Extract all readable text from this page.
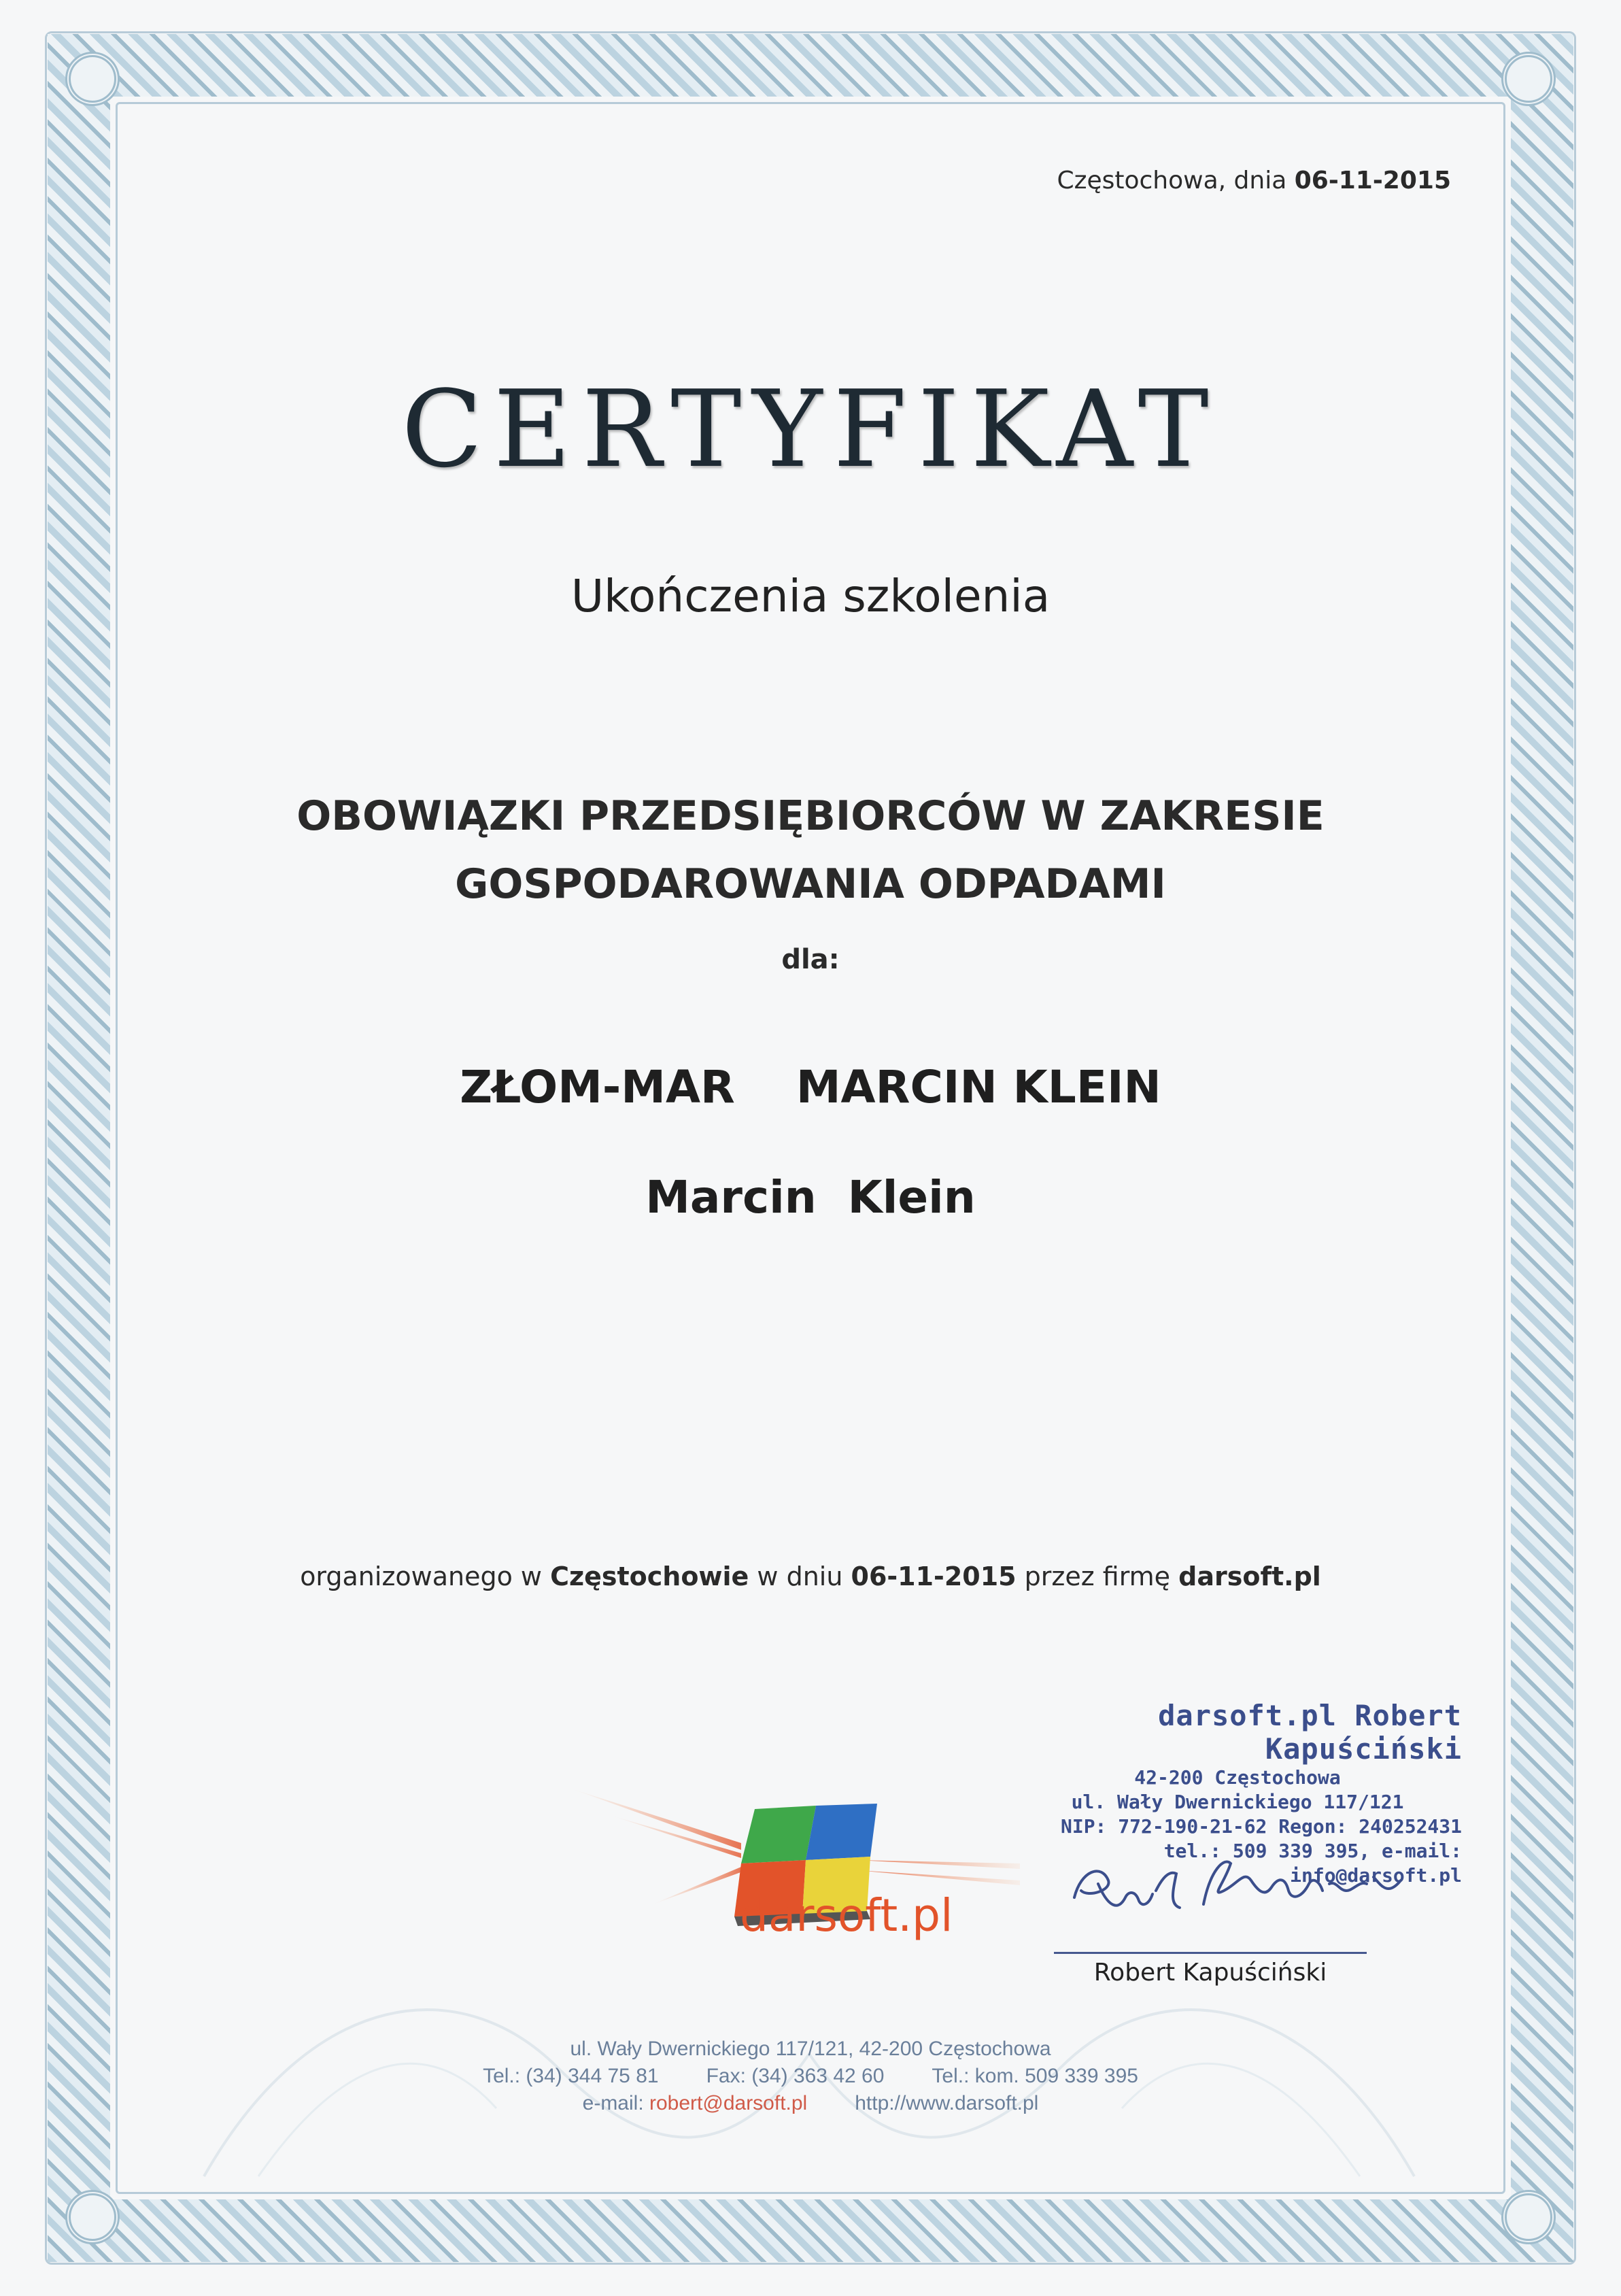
Częstochowa, dnia 06-11-2015
CERTYFIKAT
Ukończenia szkolenia
OBOWIĄZKI PRZEDSIĘBIORCÓW W ZAKRESIE
GOSPODAROWANIA ODPADAMI
dla:
ZŁOM-MAR MARCIN KLEIN
Marcin  Klein
organizowanego w Częstochowie w dniu 06-11-2015 przez firmę darsoft.pl
darsoft.pl
darsoft.pl Robert Kapuściński
42-200 Częstochowa
ul. Wały Dwernickiego 117/121
NIP: 772-190-21-62 Regon: 240252431
tel.: 509 339 395, e-mail: info@darsoft.pl
Robert Kapuściński
ul. Wały Dwernickiego 117/121, 42-200 Częstochowa
Tel.: (34) 344 75 81 Fax: (34) 363 42 60 Tel.: kom. 509 339 395
e-mail: robert@darsoft.pl http://www.darsoft.pl
